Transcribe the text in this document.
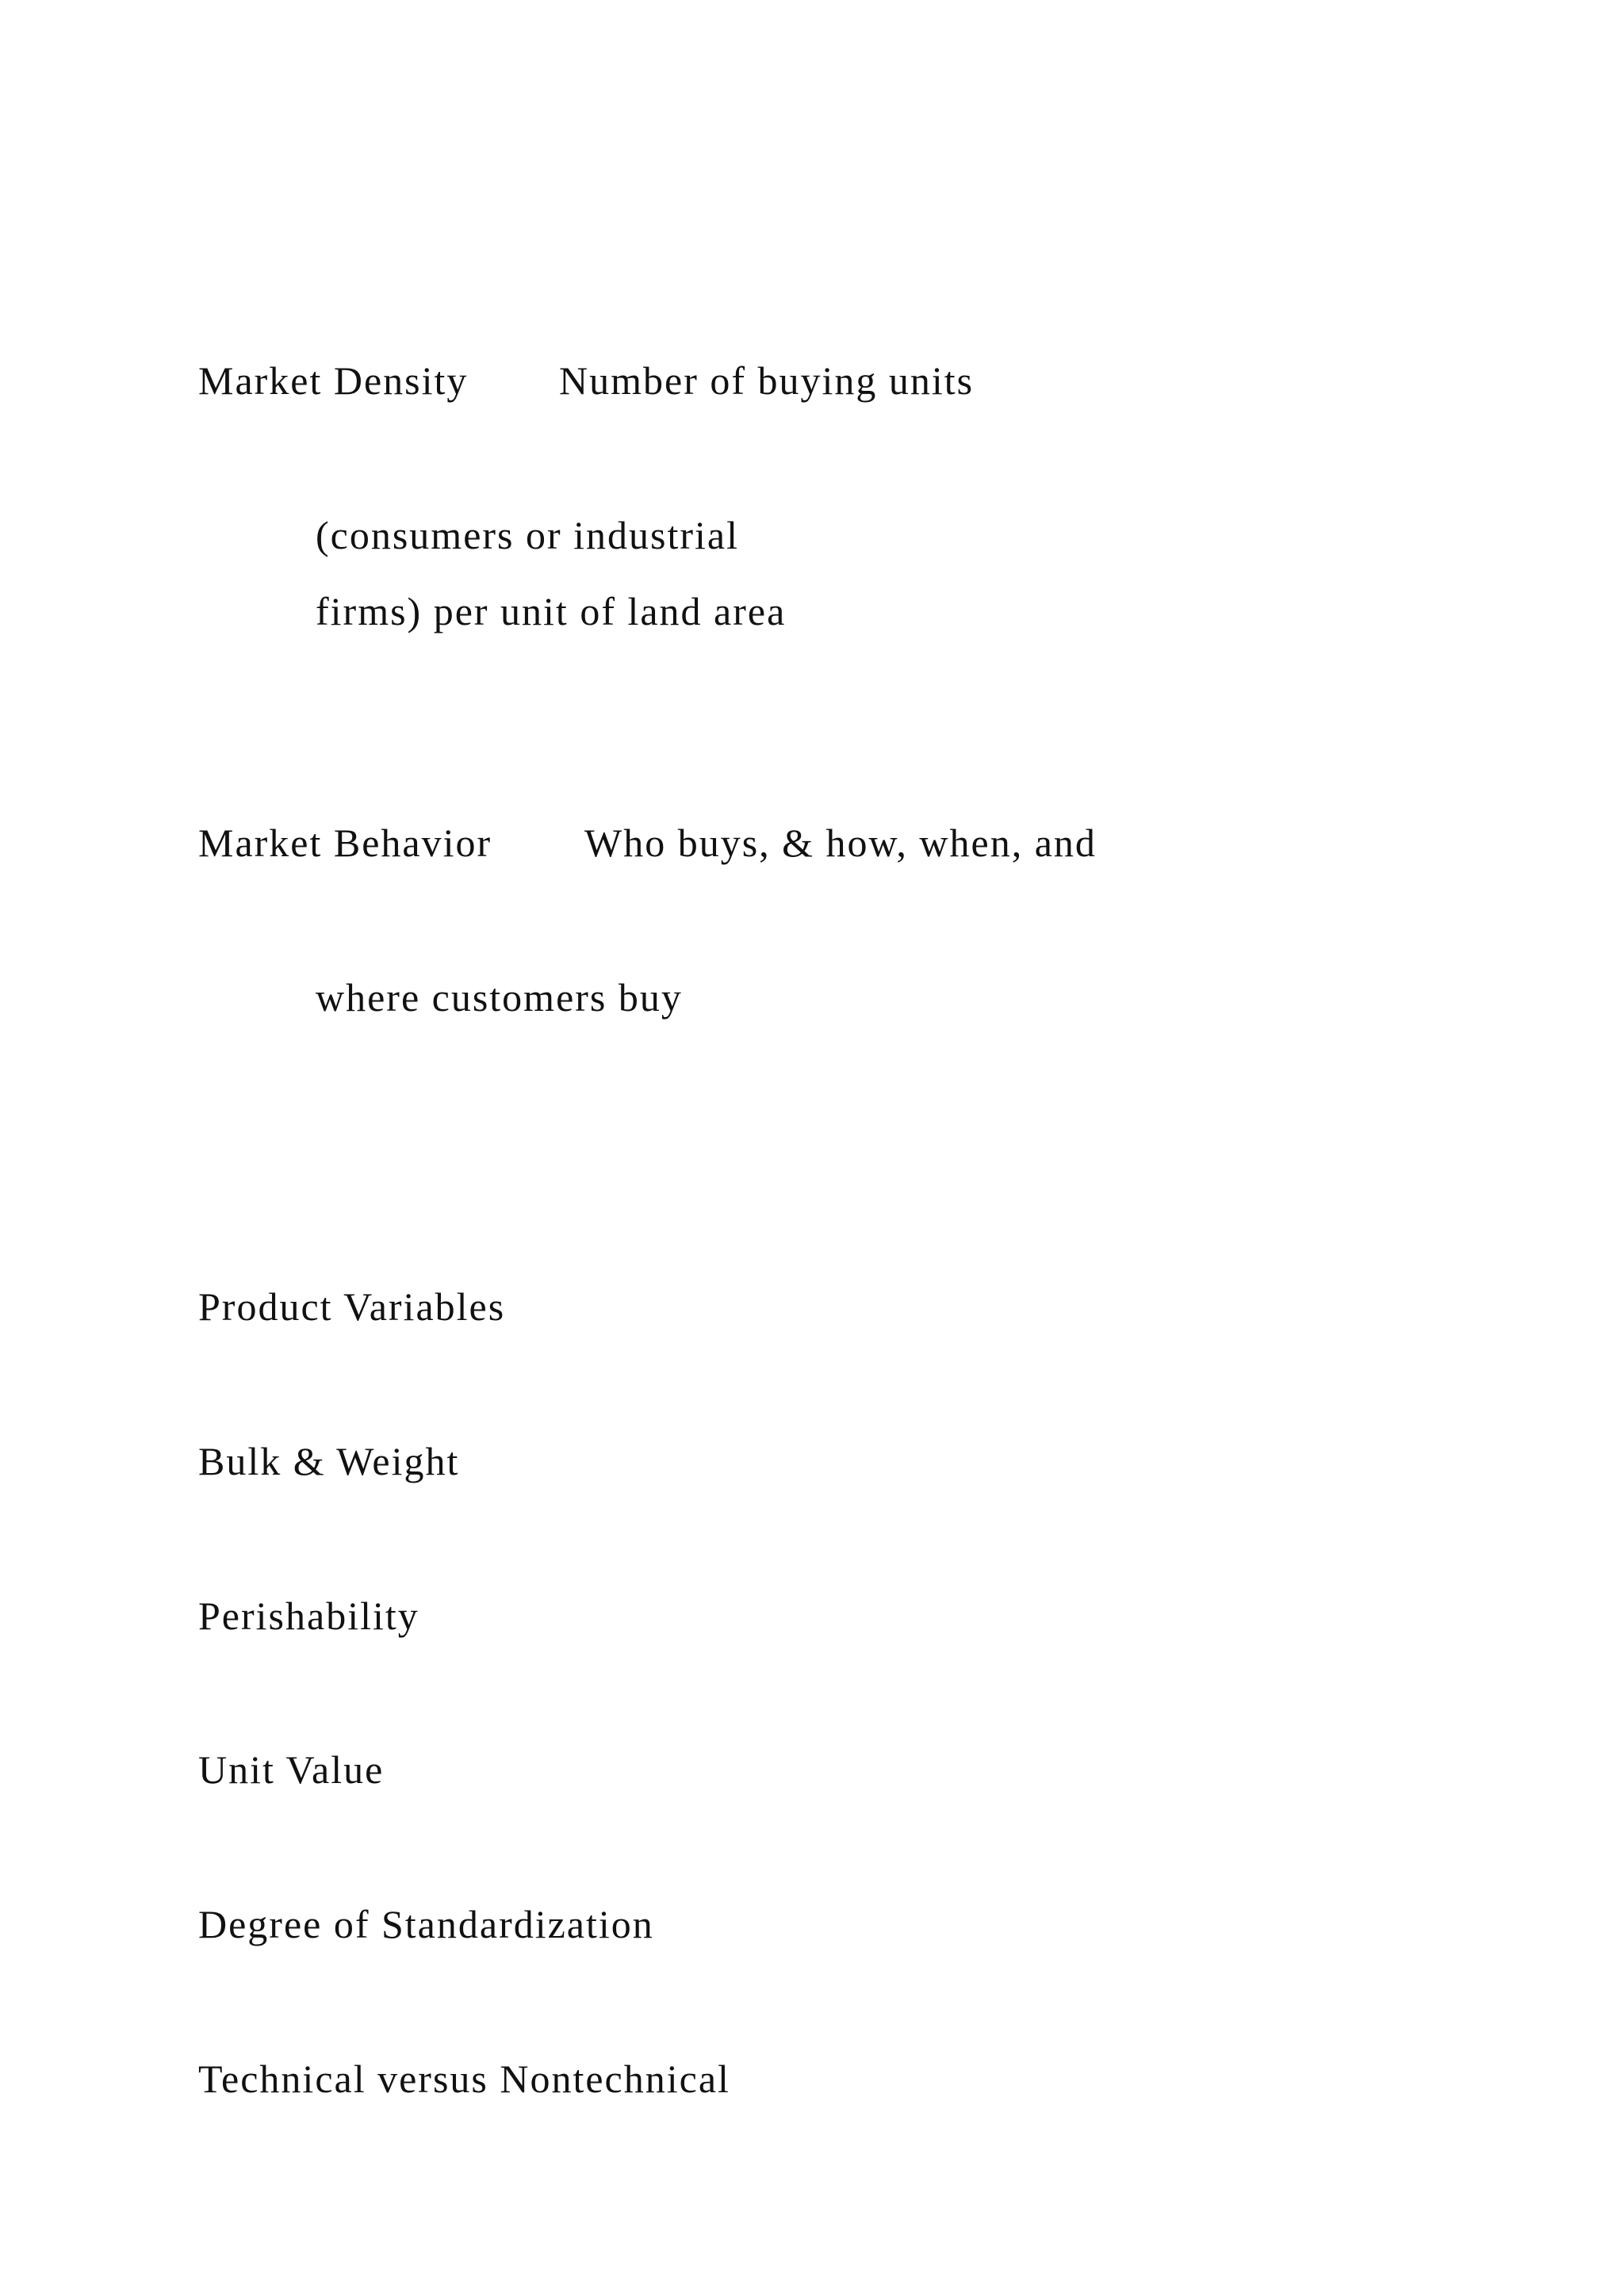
Market Density Number of buying units
(consumers or industrial
firms) per unit of land area
Market Behavior Who buys, & how, when, and
where customers buy
Product Variables
Bulk & Weight
Perishability
Unit Value
Degree of Standardization
Technical versus Nontechnical
